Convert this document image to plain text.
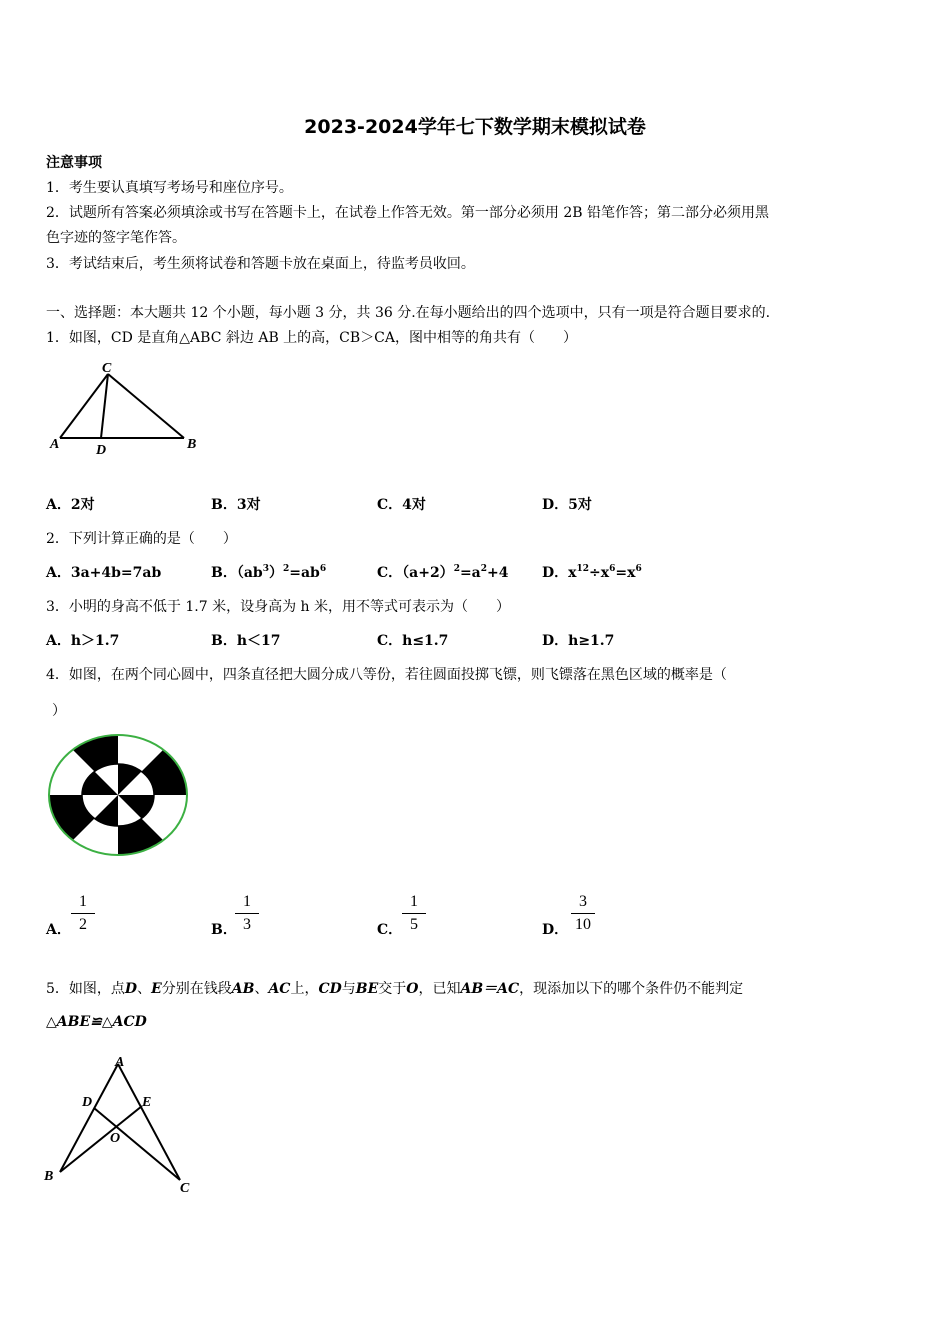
2023-2024学年七下数学期末模拟试卷
注意事项
1．考生要认真填写考场号和座位序号。
2．试题所有答案必须填涂或书写在答题卡上，在试卷上作答无效。第一部分必须用 2B 铅笔作答；第二部分必须用黑
色字迹的签字笔作答。
3．考试结束后，考生须将试卷和答题卡放在桌面上，待监考员收回。
一、选择题：本大题共 12 个小题，每小题 3 分，共 36 分.在每小题给出的四个选项中，只有一项是符合题目要求的.
1．如图，CD 是直角△ABC 斜边 AB 上的高，CB＞CA，图中相等的角共有（　　）
C
A	D	B
A．2对	B．3对	C．4对	D．5对
2．下列计算正确的是（　　）
A．3a+4b=7ab	B．$(ab^3)^2=ab^6$	C．$(a+2)^2=a^2+4$ D．$x^{12}\div x^6=x^6$
3．小明的身高不低于 1.7 米，设身高为 h 米，用不等式可表示为（　　）
A．h＞1.7	B．h＜17	C．h≤1.7	D．h≥1.7
4．如图，在两个同心圆中，四条直径把大圆分成八等份，若往圆面投掷飞镖，则飞镖落在黑色区域的概率是（
）
A．
1
2	B．
1
3	C．
1
5	D．
3
10
5．如图，点D、E分别在钱段AB、AC上，CD与BE交于O，已知AB＝AC，现添加以下的哪个条件仍不能判定
△ABE≌△ACD
A
D	E
O
B
C
